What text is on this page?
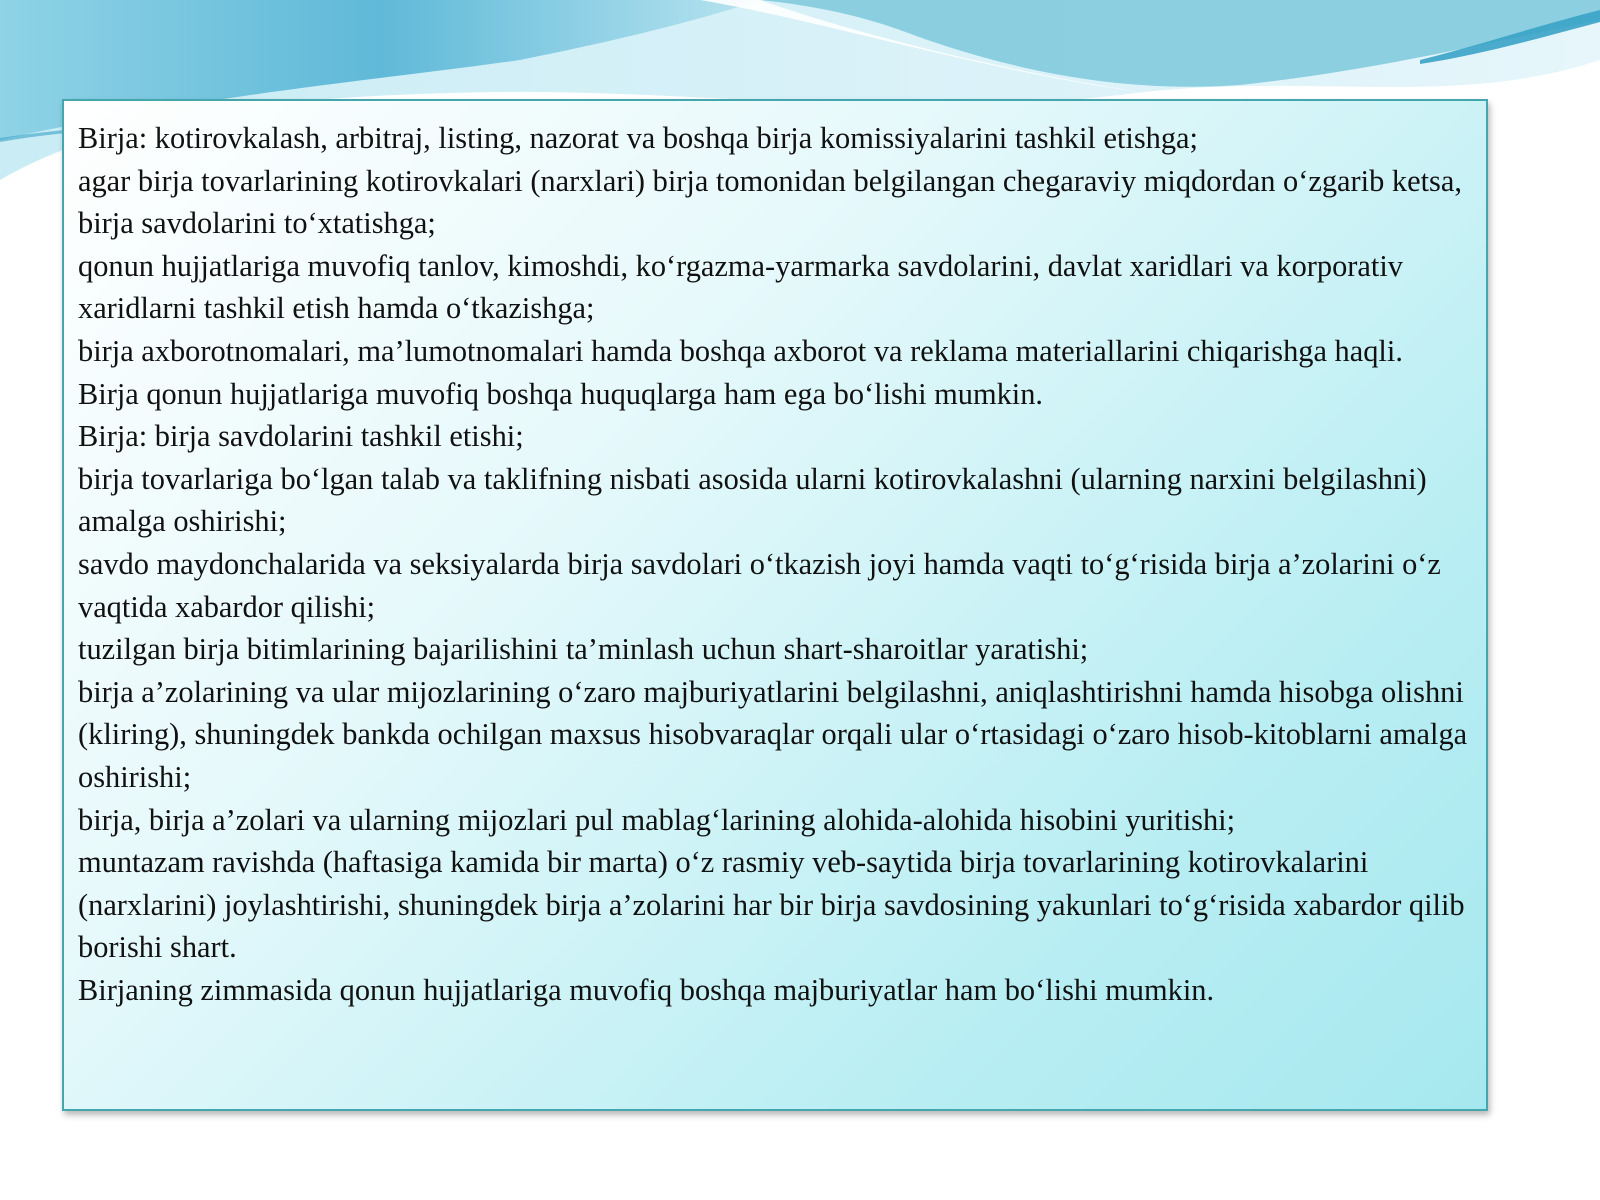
Birja: kotirovkalash, arbitraj, listing, nazorat va boshqa birja komissiyalarini tashkil etishga;

agar birja tovarlarining kotirovkalari (narxlari) birja tomonidan belgilangan chegaraviy miqdordan o‘zgarib ketsa, birja savdolarini to‘xtatishga;

qonun hujjatlariga muvofiq tanlov, kimoshdi, ko‘rgazma-yarmarka savdolarini, davlat xaridlari va korporativ xaridlarni tashkil etish hamda o‘tkazishga;

birja axborotnomalari, ma’lumotnomalari hamda boshqa axborot va reklama materiallarini chiqarishga haqli.

Birja qonun hujjatlariga muvofiq boshqa huquqlarga ham ega bo‘lishi mumkin.

Birja: birja savdolarini tashkil etishi;

birja tovarlariga bo‘lgan talab va taklifning nisbati asosida ularni kotirovkalashni (ularning narxini belgilashni) amalga oshirishi;

savdo maydonchalarida va seksiyalarda birja savdolari o‘tkazish joyi hamda vaqti to‘g‘risida birja a’zolarini o‘z vaqtida xabardor qilishi;

tuzilgan birja bitimlarining bajarilishini ta’minlash uchun shart-sharoitlar yaratishi;

birja a’zolarining va ular mijozlarining o‘zaro majburiyatlarini belgilashni, aniqlashtirishni hamda hisobga olishni (kliring), shuningdek bankda ochilgan maxsus hisobvaraqlar orqali ular o‘rtasidagi o‘zaro hisob-kitoblarni amalga oshirishi;

birja, birja a’zolari va ularning mijozlari pul mablag‘larining alohida-alohida hisobini yuritishi;

muntazam ravishda (haftasiga kamida bir marta) o‘z rasmiy veb-saytida birja tovarlarining kotirovkalarini (narxlarini) joylashtirishi, shuningdek birja a’zolarini har bir birja savdosining yakunlari to‘g‘risida xabardor qilib borishi shart.

Birjaning zimmasida qonun hujjatlariga muvofiq boshqa majburiyatlar ham bo‘lishi mumkin.
